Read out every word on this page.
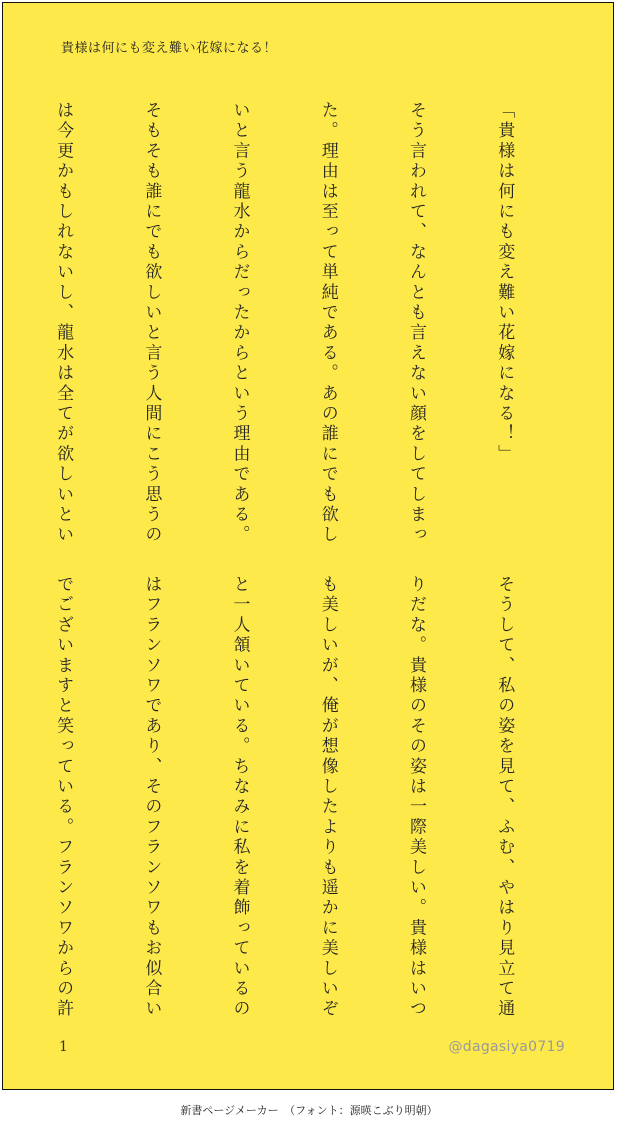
貴様は何にも変え難い花嫁になる！

「貴様は何にも変え難い花嫁になる！」

そう言われて、なんとも言えない顔をしてしまっ

た。理由は至って単純である。あの誰にでも欲し

いと言う龍水からだったからという理由である。

そもそも誰にでも欲しいと言う人間にこう思うの

は今更かもしれないし、龍水は全てが欲しいとい

そうして、私の姿を見て、ふむ、やはり見立て通

りだな。貴様のその姿は一際美しい。貴様はいつ

も美しいが、俺が想像したよりも遥かに美しいぞ

と一人頷いている。ちなみに私を着飾っているの

はフランソワであり、そのフランソワもお似合い

でございますと笑っている。フランソワからの許

1	@dagasiya0719
新書ページメーカー　（フォント：源暎こぶり明朝）
